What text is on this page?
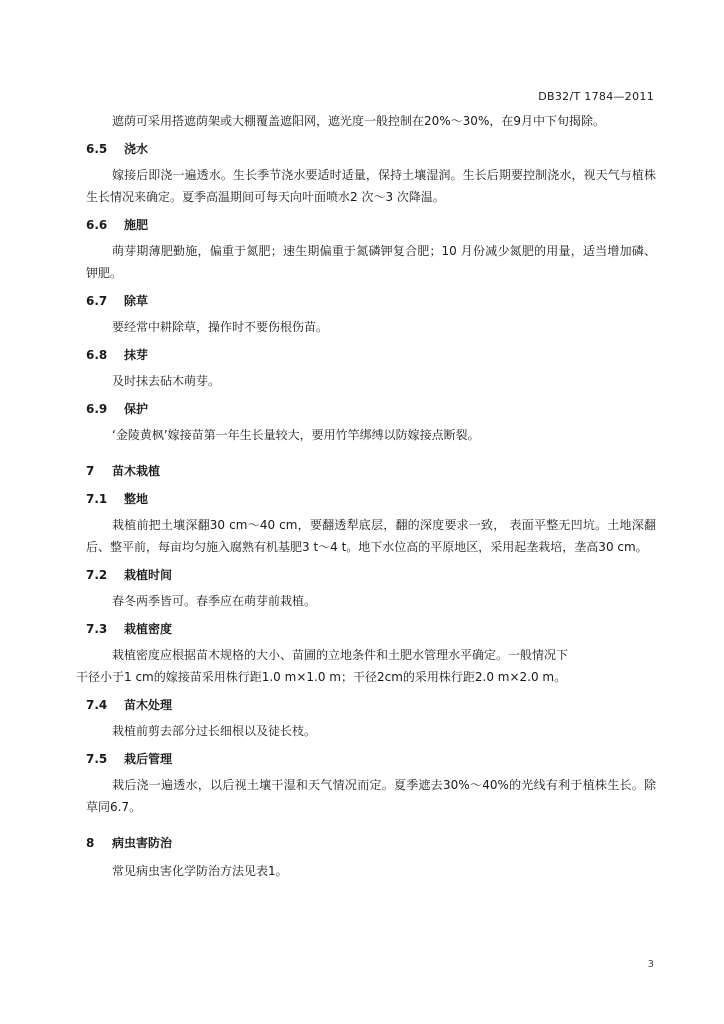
DB32/T 1784—2011

遮荫可采用搭遮荫架或大棚覆盖遮阳网，遮光度一般控制在20%～30%，在9月中下旬揭除。

6.5	浇水

嫁接后即浇一遍透水。生长季节浇水要适时适量，保持土壤湿润。生长后期要控制浇水，视天气与植株生长情况来确定。夏季高温期间可每天向叶面喷水2 次～3 次降温。

6.6	施肥

萌芽期薄肥勤施，偏重于氮肥；速生期偏重于氮磷钾复合肥；10 月份减少氮肥的用量，适当增加磷、钾肥。

6.7	除草

要经常中耕除草，操作时不要伤根伤苗。

6.8	抹芽

及时抹去砧木萌芽。

6.9	保护

‘金陵黄枫’嫁接苗第一年生长量较大，要用竹竿绑缚以防嫁接点断裂。

7	苗木栽植
7.1	整地

栽植前把土壤深翻30 cm～40 cm，要翻透犁底层，翻的深度要求一致， 表面平整无凹坑。土地深翻后、整平前，每亩均匀施入腐熟有机基肥3 t～4 t。地下水位高的平原地区，采用起垄栽培，垄高30 cm。

7.2	栽植时间

春冬两季皆可。春季应在萌芽前栽植。

7.3	栽植密度

栽植密度应根据苗木规格的大小、苗圃的立地条件和土肥水管理水平确定。一般情况下

干径小于1 cm的嫁接苗采用株行距1.0 m×1.0 m；干径2cm的采用株行距2.0 m×2.0 m。

7.4	苗木处理

栽植前剪去部分过长细根以及徒长枝。

7.5	栽后管理

栽后浇一遍透水，以后视土壤干湿和天气情况而定。夏季遮去30%～40%的光线有利于植株生长。除草同6.7。

8	病虫害防治

常见病虫害化学防治方法见表1。

3
